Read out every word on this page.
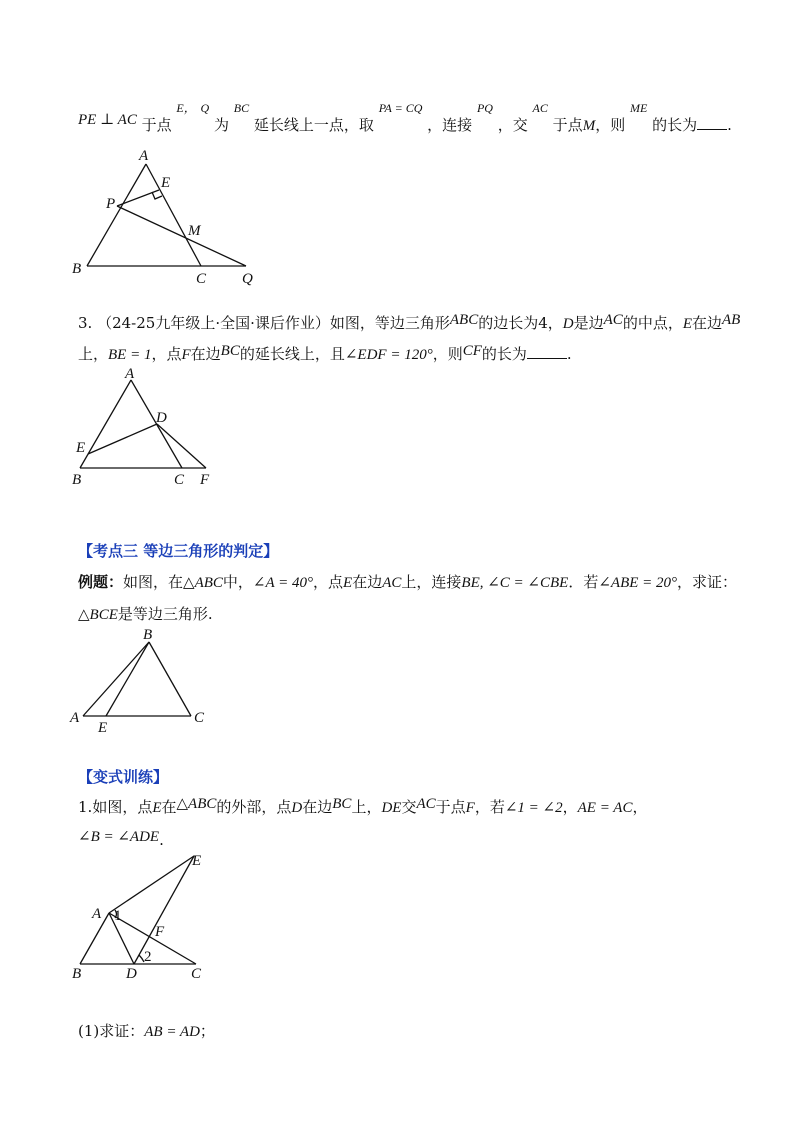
PE ⊥ AC 于点 $^{E,}$ $^Q$ 为 $^{BC}$ 延长线上一点，取 $^{PA = CQ}$ ，连接 $^{PQ}$ ，交 $^{AC}$ 于点M，则 $^{ME}$ 的长为 .
A
E
P
M
B
C Q
3. （24-25九年级上·全国·课后作业）如图，等边三角形ABC的边长为4，D是边AC的中点，E在边AB
上，BE = 1，点F在边BC的延长线上，且∠EDF = 120°，则CF的长为	.
A
D
E
B	C F
【考点三 等边三角形的判定】
例题：如图，在△ABC中，∠A = 40°，点E在边AC上，连接BE, ∠C = ∠CBE．若∠ABE = 20°，求证：
△BCE是等边三角形.
B
A
E
C
【变式训练】
1.如图，点E在△ABC的外部，点D在边BC上，DE交AC于点F，若∠1 = ∠2，AE = AC，
∠B = ∠ADE.
E
A 1
F
2
B	D	C
(1)求证：AB = AD；
